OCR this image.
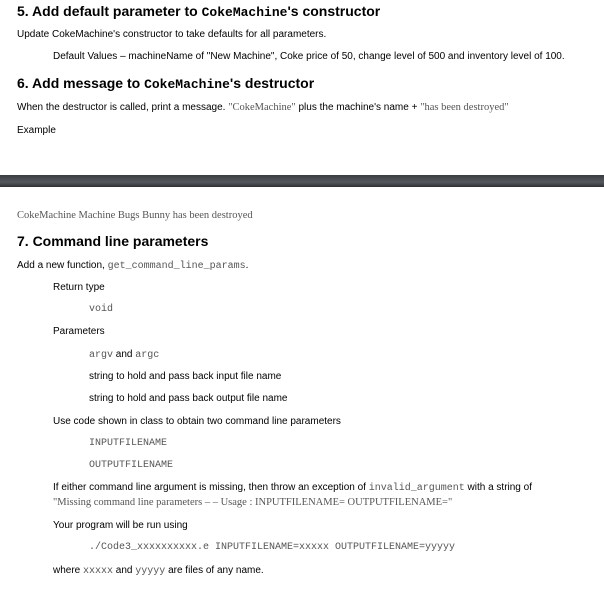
5. Add default parameter to CokeMachine's constructor
Update CokeMachine's constructor to take defaults for all parameters.
Default Values – machineName of "New Machine", Coke price of 50, change level of 500 and inventory level of 100.
6. Add message to CokeMachine's destructor
When the destructor is called, print a message. "CokeMachine" plus the machine's name + "has been destroyed"
Example
CokeMachine Machine Bugs Bunny has been destroyed
7. Command line parameters
Add a new function, get_command_line_params.
Return type
void
Parameters
argv and argc
string to hold and pass back input file name
string to hold and pass back output file name
Use code shown in class to obtain two command line parameters
INPUTFILENAME
OUTPUTFILENAME
If either command line argument is missing, then throw an exception of invalid_argument with a string of
"Missing command line parameters – – Usage : INPUTFILENAME= OUTPUTFILENAME="
Your program will be run using
./Code3_xxxxxxxxxx.e INPUTFILENAME=xxxxx OUTPUTFILENAME=yyyyy
where xxxxx and yyyyy are files of any name.
